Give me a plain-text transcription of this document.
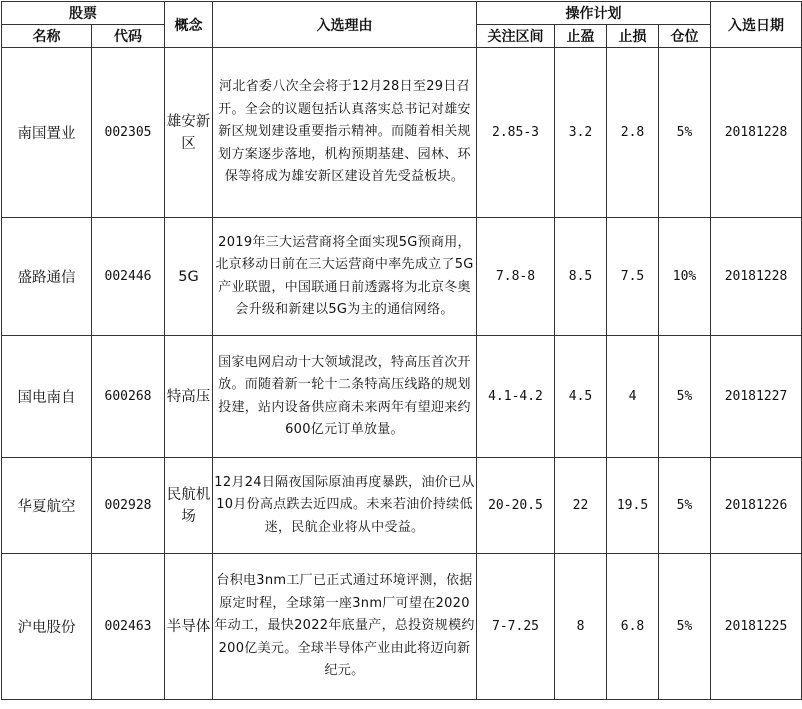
股票		概念	入选理由	操作计划				入选日期
名称	代码			关注区间	止盈	止损	仓位	
南国置业	002305	雄安新区	河北省委八次全会将于12月28日至29日召开。全会的议题包括认真落实总书记对雄安新区规划建设重要指示精神。而随着相关规划方案逐步落地，机构预期基建、园林、环保等将成为雄安新区建设首先受益板块。	2.85-3	3.2	2.8	5%	20181228
盛路通信	002446	5G	2019年三大运营商将全面实现5G预商用，北京移动日前在三大运营商中率先成立了5G产业联盟，中国联通日前透露将为北京冬奥会升级和新建以5G为主的通信网络。	7.8-8	8.5	7.5	10%	20181228
国电南自	600268	特高压	国家电网启动十大领域混改，特高压首次开放。而随着新一轮十二条特高压线路的规划投建，站内设备供应商未来两年有望迎来约600亿元订单放量。	4.1-4.2	4.5	4	5%	20181227
华夏航空	002928	民航机场	12月24日隔夜国际原油再度暴跌，油价已从10月份高点跌去近四成。未来若油价持续低迷，民航企业将从中受益。	20-20.5	22	19.5	5%	20181226
沪电股份	002463	半导体	台积电3nm工厂已正式通过环境评测，依据原定时程，全球第一座3nm厂可望在2020年动工，最快2022年底量产，总投资规模约200亿美元。全球半导体产业由此将迈向新纪元。	7-7.25	8	6.8	5%	20181225
